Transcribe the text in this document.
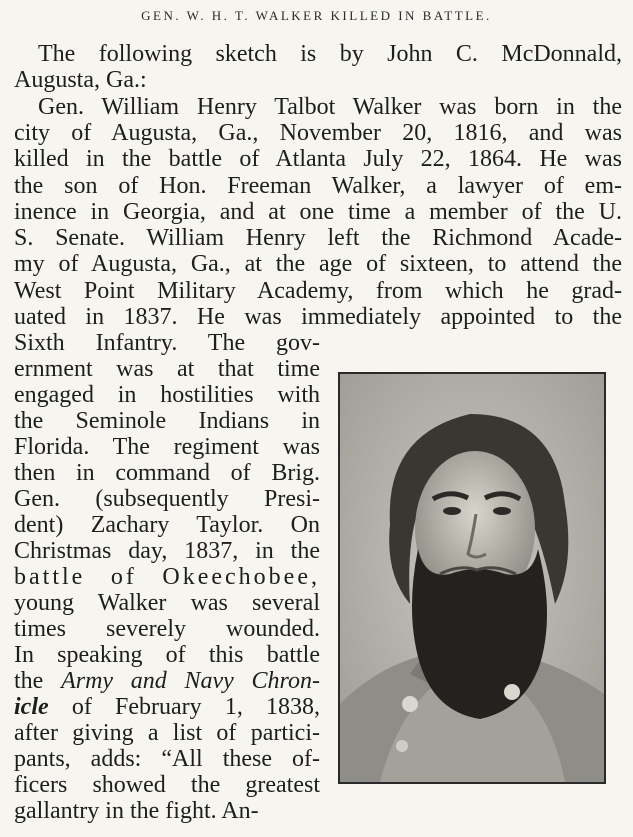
GEN. W. H. T. WALKER KILLED IN BATTLE.
The following sketch is by John C. McDonnald,
Augusta, Ga.:
Gen. William Henry Talbot Walker was born in the
city of Augusta, Ga., November 20, 1816, and was
killed in the battle of Atlanta July 22, 1864. He was
the son of Hon. Freeman Walker, a lawyer of em-
inence in Georgia, and at one time a member of the U.
S. Senate. William Henry left the Richmond Acade-
my of Augusta, Ga., at the age of sixteen, to attend the
West Point Military Academy, from which he grad-
uated in 1837. He was immediately appointed to the
Sixth Infantry. The gov-
ernment was at that time
engaged in hostilities with
the Seminole Indians in
Florida. The regiment was
then in command of Brig.
Gen. (subsequently Presi-
dent) Zachary Taylor. On
Christmas day, 1837, in the
battle of Okeechobee,
young Walker was several
times severely wounded.
In speaking of this battle
the Army and Navy Chron-
icle of February 1, 1838,
after giving a list of partici-
pants, adds: “All these of-
ficers showed the greatest
gallantry in the fight. An-
